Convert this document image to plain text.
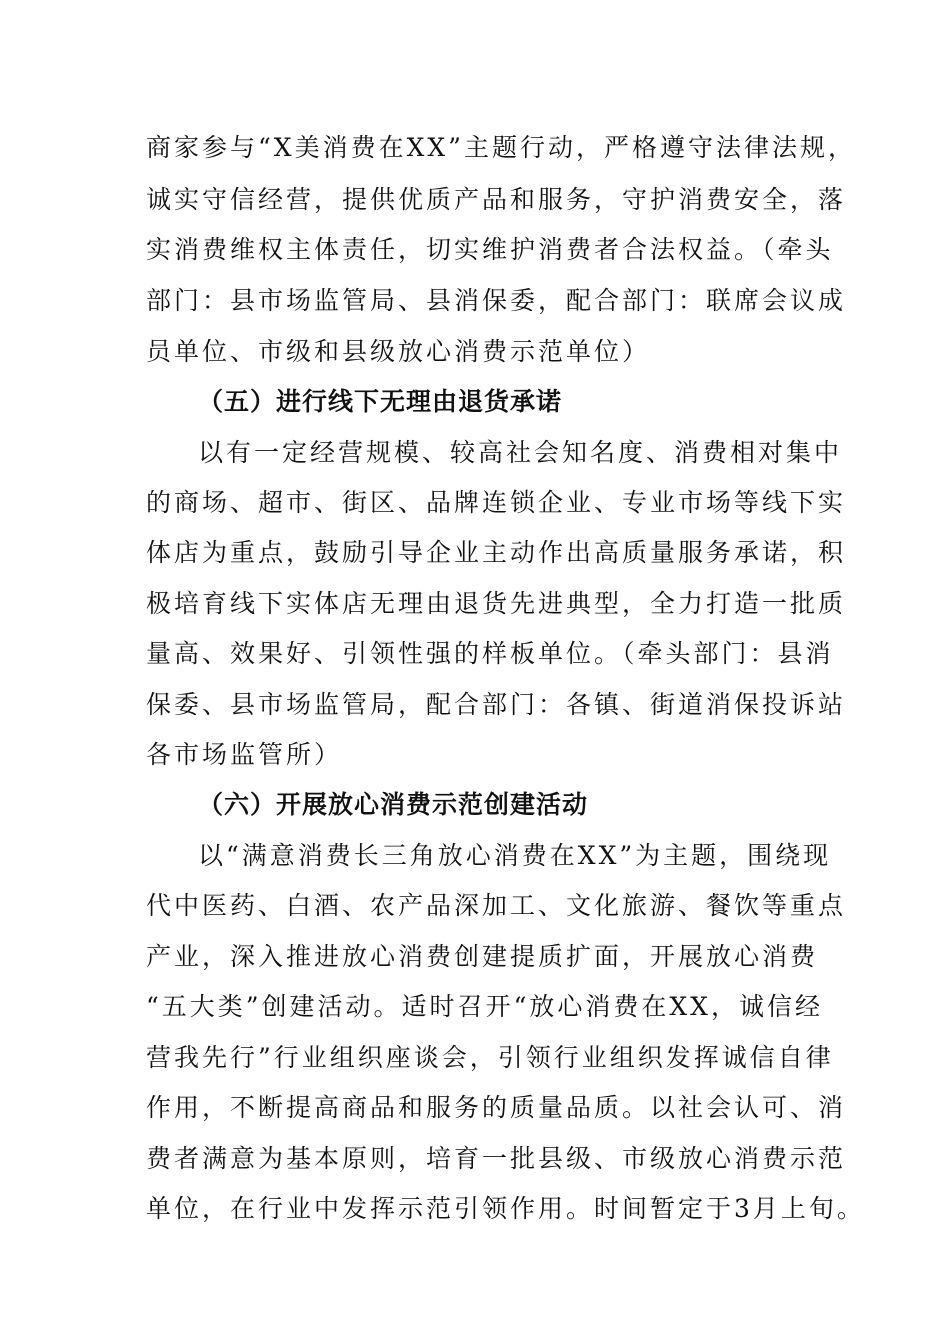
商家参与“X美消费在XX”主题行动，严格遵守法律法规，
诚实守信经营，提供优质产品和服务，守护消费安全，落
实消费维权主体责任，切实维护消费者合法权益。（牵头
部门：县市场监管局、县消保委，配合部门：联席会议成
员单位、市级和县级放心消费示范单位）
（五）进行线下无理由退货承诺
以有一定经营规模、较高社会知名度、消费相对集中
的商场、超市、街区、品牌连锁企业、专业市场等线下实
体店为重点，鼓励引导企业主动作出高质量服务承诺，积
极培育线下实体店无理由退货先进典型，全力打造一批质
量高、效果好、引领性强的样板单位。（牵头部门：县消
保委、县市场监管局，配合部门：各镇、街道消保投诉站
各市场监管所）
（六）开展放心消费示范创建活动
以“满意消费长三角放心消费在XX”为主题，围绕现
代中医药、白酒、农产品深加工、文化旅游、餐饮等重点
产业，深入推进放心消费创建提质扩面，开展放心消费
“五大类”创建活动。适时召开“放心消费在XX，诚信经
营我先行”行业组织座谈会，引领行业组织发挥诚信自律
作用，不断提高商品和服务的质量品质。以社会认可、消
费者满意为基本原则，培育一批县级、市级放心消费示范
单位，在行业中发挥示范引领作用。时间暂定于3月上旬。
